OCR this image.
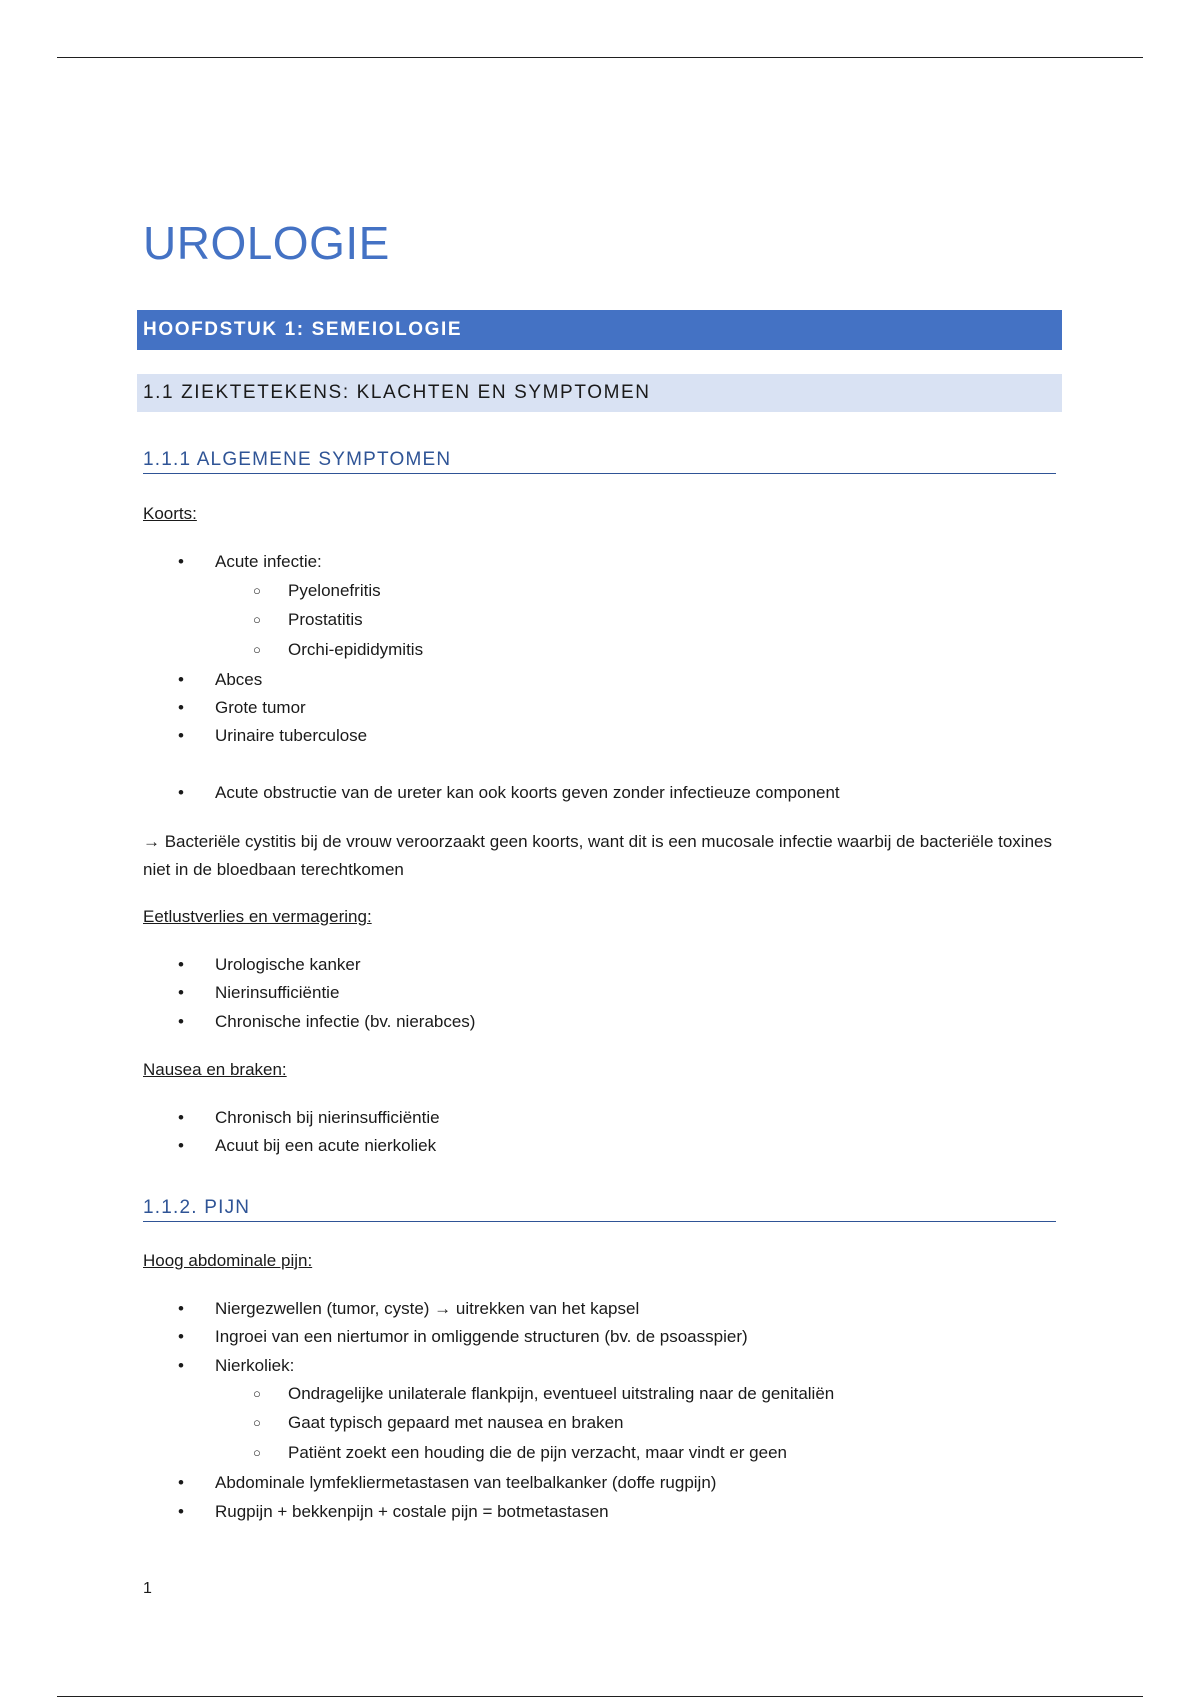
UROLOGIE
HOOFDSTUK 1: SEMEIOLOGIE
1.1 ZIEKTETEKENS: KLACHTEN EN SYMPTOMEN
1.1.1 ALGEMENE SYMPTOMEN
Koorts:
• Acute infectie:
○ Pyelonefritis
○ Prostatitis
○ Orchi-epididymitis
• Abces
• Grote tumor
• Urinaire tuberculose
• Acute obstructie van de ureter kan ook koorts geven zonder infectieuze component
→ Bacteriële cystitis bij de vrouw veroorzaakt geen koorts, want dit is een mucosale infectie waarbij de bacteriële toxines niet in de bloedbaan terechtkomen
Eetlustverlies en vermagering:
• Urologische kanker
• Nierinsufficiëntie
• Chronische infectie (bv. nierabces)
Nausea en braken:
• Chronisch bij nierinsufficiëntie
• Acuut bij een acute nierkoliek
1.1.2. PIJN
Hoog abdominale pijn:
• Niergezwellen (tumor, cyste) → uitrekken van het kapsel
• Ingroei van een niertumor in omliggende structuren (bv. de psoasspier)
• Nierkoliek:
○ Ondragelijke unilaterale flankpijn, eventueel uitstraling naar de genitaliën
○ Gaat typisch gepaard met nausea en braken
○ Patiënt zoekt een houding die de pijn verzacht, maar vindt er geen
• Abdominale lymfekliermetastasen van teelbalkanker (doffe rugpijn)
• Rugpijn + bekkenpijn + costale pijn = botmetastasen
1
